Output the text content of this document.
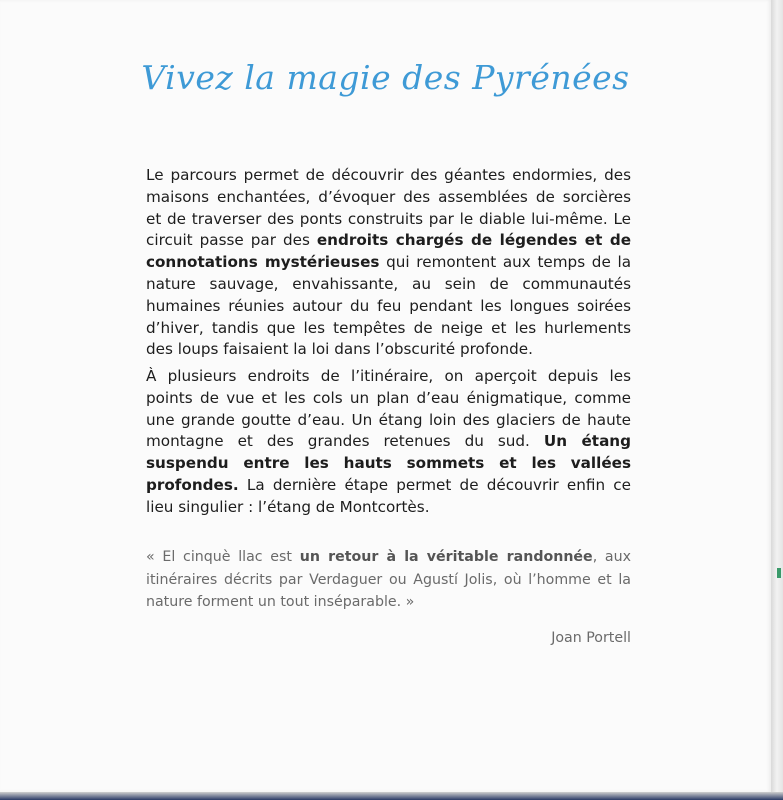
Vivez la magie des Pyrénées

Le parcours permet de découvrir des géantes endormies, des maisons enchantées, d’évoquer des assemblées de sorcières et de traverser des ponts construits par le diable lui-même. Le circuit passe par des endroits chargés de légendes et de connotations mystérieuses qui remontent aux temps de la nature sauvage, envahissante, au sein de communautés humaines réunies autour du feu pendant les longues soirées d’hiver, tandis que les tempêtes de neige et les hurlements des loups faisaient la loi dans l’obscurité profonde.

À plusieurs endroits de l’itinéraire, on aperçoit depuis les points de vue et les cols un plan d’eau énigmatique, comme une grande goutte d’eau. Un étang loin des glaciers de haute montagne et des grandes retenues du sud. Un étang suspendu entre les hauts sommets et les vallées profondes. La dernière étape permet de découvrir enfin ce lieu singulier : l’étang de Montcortès.

« El cinquè llac est un retour à la véritable randonnée, aux itinéraires décrits par Verdaguer ou Agustí Jolis, où l’homme et la nature forment un tout inséparable. »

Joan Portell
